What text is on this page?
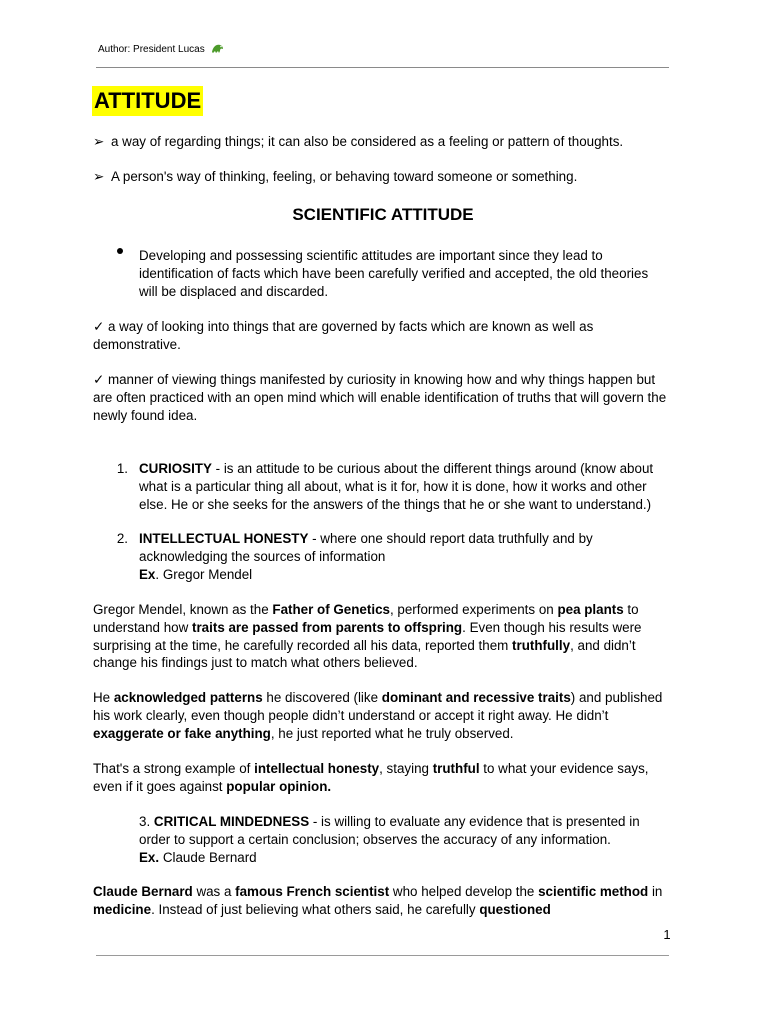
Author: President Lucas
ATTITUDE
➢ a way of regarding things; it can also be considered as a feeling or pattern of thoughts.
➢ A person's way of thinking, feeling, or behaving toward someone or something.
SCIENTIFIC ATTITUDE
Developing and possessing scientific attitudes are important since they lead to identification of facts which have been carefully verified and accepted, the old theories will be displaced and discarded.
✓ a way of looking into things that are governed by facts which are known as well as demonstrative.
✓ manner of viewing things manifested by curiosity in knowing how and why things happen but are often practiced with an open mind which will enable identification of truths that will govern the newly found idea.
1. CURIOSITY - is an attitude to be curious about the different things around (know about what is a particular thing all about, what is it for, how it is done, how it works and other else. He or she seeks for the answers of the things that he or she want to understand.)
2. INTELLECTUAL HONESTY - where one should report data truthfully and by acknowledging the sources of information
Ex. Gregor Mendel
Gregor Mendel, known as the Father of Genetics, performed experiments on pea plants to understand how traits are passed from parents to offspring. Even though his results were surprising at the time, he carefully recorded all his data, reported them truthfully, and didn’t change his findings just to match what others believed.
He acknowledged patterns he discovered (like dominant and recessive traits) and published his work clearly, even though people didn’t understand or accept it right away. He didn’t exaggerate or fake anything, he just reported what he truly observed.
That's a strong example of intellectual honesty, staying truthful to what your evidence says, even if it goes against popular opinion.
3. CRITICAL MINDEDNESS - is willing to evaluate any evidence that is presented in order to support a certain conclusion; observes the accuracy of any information.
Ex. Claude Bernard
Claude Bernard was a famous French scientist who helped develop the scientific method in medicine. Instead of just believing what others said, he carefully questioned
1
